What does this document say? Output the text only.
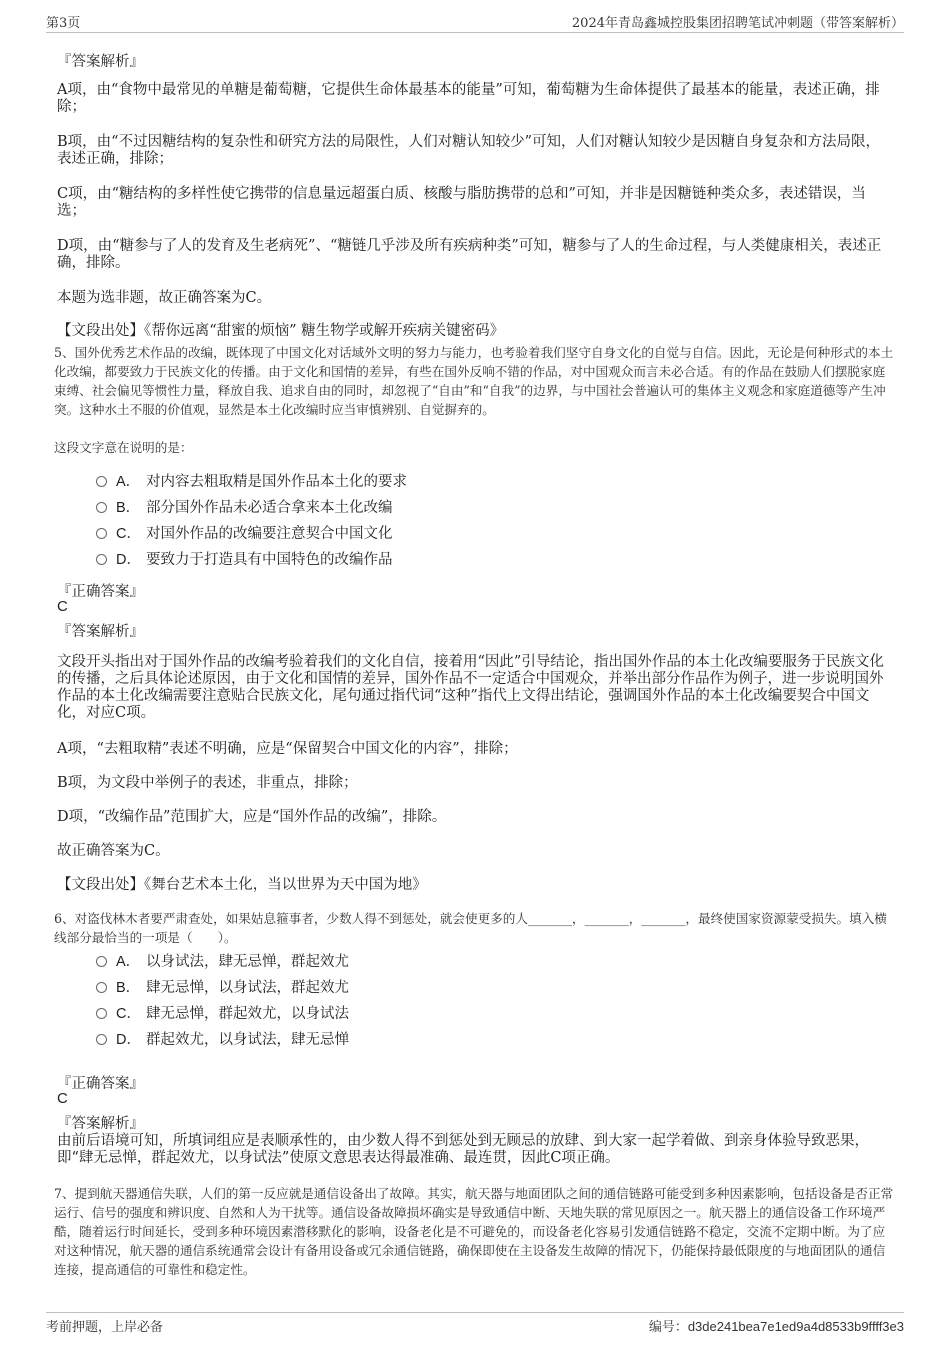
第3页	2024年青岛鑫城控股集团招聘笔试冲刺题（带答案解析）
『答案解析』
A项，由“食物中最常见的单糖是葡萄糖，它提供生命体最基本的能量”可知，葡萄糖为生命体提供了最基本的能量，表述正确，排除；
B项，由“不过因糖结构的复杂性和研究方法的局限性，人们对糖认知较少”可知，人们对糖认知较少是因糖自身复杂和方法局限，表述正确，排除；
C项，由“糖结构的多样性使它携带的信息量远超蛋白质、核酸与脂肪携带的总和”可知，并非是因糖链种类众多，表述错误，当选；
D项，由“糖参与了人的发育及生老病死”、“糖链几乎涉及所有疾病种类”可知，糖参与了人的生命过程，与人类健康相关，表述正确，排除。
本题为选非题，故正确答案为C。
【文段出处】《帮你远离“甜蜜的烦恼” 糖生物学或解开疾病关键密码》
5、国外优秀艺术作品的改编，既体现了中国文化对话域外文明的努力与能力，也考验着我们坚守自身文化的自觉与自信。因此，无论是何种形式的本土化改编，都要致力于民族文化的传播。由于文化和国情的差异，有些在国外反响不错的作品，对中国观众而言未必合适。有的作品在鼓励人们摆脱家庭束缚、社会偏见等惯性力量，释放自我、追求自由的同时，却忽视了“自由”和“自我”的边界，与中国社会普遍认可的集体主义观念和家庭道德等产生冲突。这种水土不服的价值观，显然是本土化改编时应当审慎辨别、自觉摒弃的。
这段文字意在说明的是：
A． 对内容去粗取精是国外作品本土化的要求
B． 部分国外作品未必适合拿来本土化改编
C． 对国外作品的改编要注意契合中国文化
D． 要致力于打造具有中国特色的改编作品
『正确答案』
C
『答案解析』
文段开头指出对于国外作品的改编考验着我们的文化自信，接着用“因此”引导结论，指出国外作品的本土化改编要服务于民族文化的传播，之后具体论述原因，由于文化和国情的差异，国外作品不一定适合中国观众，并举出部分作品作为例子，进一步说明国外作品的本土化改编需要注意贴合民族文化，尾句通过指代词“这种”指代上文得出结论，强调国外作品的本土化改编要契合中国文化，对应C项。
A项，“去粗取精”表述不明确，应是“保留契合中国文化的内容”，排除；
B项，为文段中举例子的表述，非重点，排除；
D项，“改编作品”范围扩大，应是“国外作品的改编”，排除。
故正确答案为C。
【文段出处】《舞台艺术本土化，当以世界为天中国为地》
6、对盗伐林木者要严肃查处，如果姑息箍事者，少数人得不到惩处，就会使更多的人_______，_______，_______，最终使国家资源蒙受损失。填入横线部分最恰当的一项是（　　）。
A． 以身试法，肆无忌惮，群起效尤
B． 肆无忌惮，以身试法，群起效尤
C． 肆无忌惮，群起效尤，以身试法
D． 群起效尤，以身试法，肆无忌惮
『正确答案』
C
『答案解析』
由前后语境可知，所填词组应是表顺承性的，由少数人得不到惩处到无顾忌的放肆、到大家一起学着做、到亲身体验导致恶果，即“肆无忌惮，群起效尤，以身试法”使原文意思表达得最准确、最连贯，因此C项正确。
7、提到航天器通信失联，人们的第一反应就是通信设备出了故障。其实，航天器与地面团队之间的通信链路可能受到多种因素影响，包括设备是否正常运行、信号的强度和辨识度、自然和人为干扰等。通信设备故障损坏确实是导致通信中断、天地失联的常见原因之一。航天器上的通信设备工作环境严酷，随着运行时间延长，受到多种环境因素潜移默化的影响，设备老化是不可避免的，而设备老化容易引发通信链路不稳定，交流不定期中断。为了应对这种情况，航天器的通信系统通常会设计有备用设备或冗余通信链路，确保即使在主设备发生故障的情况下，仍能保持最低限度的与地面团队的通信连接，提高通信的可靠性和稳定性。
考前押题，上岸必备	编号：d3de241bea7e1ed9a4d8533b9ffff3e3
